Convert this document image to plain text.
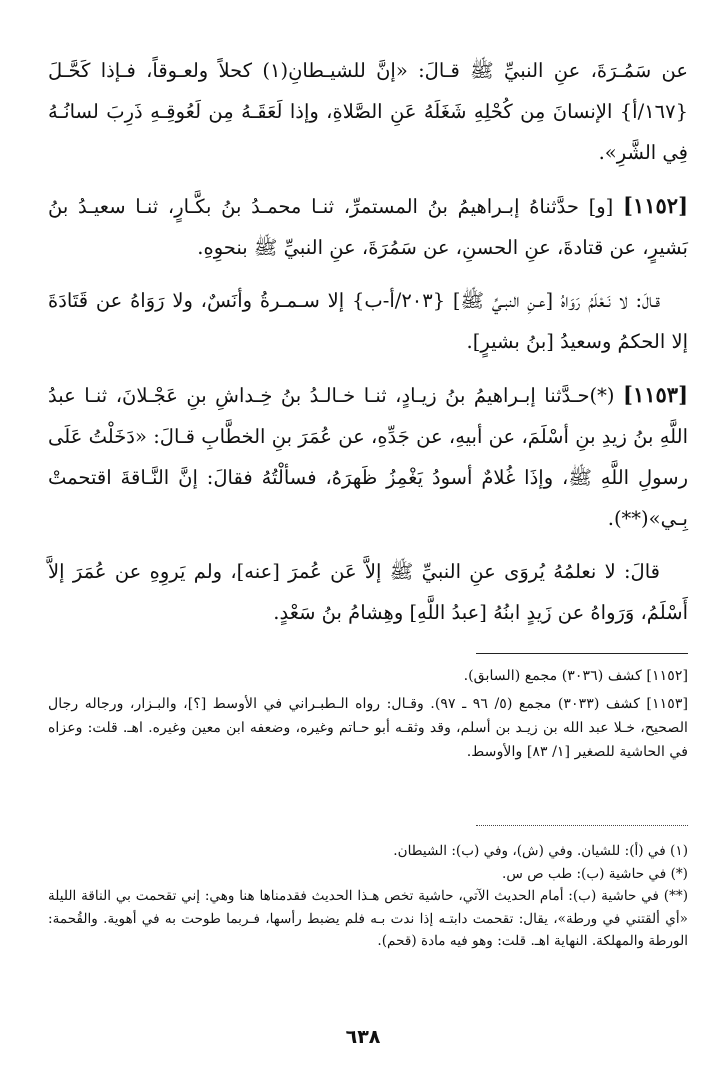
عن سَمُـرَةَ، عنِ النبيِّ ﷺ قـالَ: «إنَّ للشيـطانِ(١) كحلاً ولعـوقاً، فـإذا كَحَّـلَ {١٦٧/أ} الإنسانَ مِن كُحْلِهِ شَغَلَهُ عَنِ الصَّلاةِ، وإذا لَعَقَـهُ مِن لَعُوقِـهِ ذَرِبَ لسانُـهُ فِي الشَّرِ».

[١١٥٢] [و] حدَّثناهُ إبـراهيمُ بنُ المستمرِّ، ثنـا محمـدُ بنُ بكَّـارٍ، ثنـا سعيـدُ بنُ بَشيرٍ، عن قتادةَ، عنِ الحسنِ، عن سَمُرَةَ، عنِ النبيِّ ﷺ بنحوِهِ.

قـالَ: لا نَـعْلَمُ رَوَاهُ [عـنِ النبـيِّ ﷺ] {٢٠٣/أ-ب} إلا سـمـرةُ وأنَسٌ، ولا رَوَاهُ عن قَتَادَةَ إلا الحكمُ وسعيدُ [بنُ بشيرٍ].

[١١٥٣] (*)حـدَّثنا إبـراهيمُ بنُ زيـادٍ، ثنـا خـالـدُ بنُ خِـداشِ بنِ عَجْـلانَ، ثنـا عبدُ اللَّهِ بنُ زيدِ بنِ أسْلَمَ، عن أبيهِ، عن جَدِّهِ، عن عُمَرَ بنِ الخطَّابِ قـالَ: «دَخَلْتُ عَلَى رسولِ اللَّهِ ﷺ، وإذَا غُلامٌ أسودُ يَغْمِزُ ظَهرَهُ، فسألْتُهُ فقالَ: إنَّ النَّـاقةَ اقتحمتْ بِـي»(**).

قالَ: لا نعلمُهُ يُروَى عنِ النبيِّ ﷺ إلاَّ عَن عُمرَ [عنه]، ولم يَروِهِ عن عُمَرَ إلاَّ أَسْلَمُ، وَرَواهُ عن زَيدٍ ابنُهُ [عبدُ اللَّهِ] وهِشامُ بنُ سَعْدٍ.

[١١٥٢] كشف (٣٠٣٦) مجمع (السابق).

[١١٥٣] كشف (٣٠٣٣) مجمع (٥/ ٩٦ ـ ٩٧). وقـال: رواه الـطبـراني في الأوسط [؟]، والبـزار، ورجاله رجال الصحيح، خـلا عبد الله بن زيـد بن أسلم، وقد وثقـه أبو حـاتم وغيره، وضعفه ابن معين وغيره. اهـ. قلت: وعزاه في الحاشية للصغير [١/ ٨٣] والأوسط.

(١) في (أ): للشيان. وفي (ش)، وفي (ب): الشيطان.

(*) في حاشية (ب): طب ص س.

(**) في حاشية (ب): أمام الحديث الآتي، حاشية تخص هـذا الحديث فقدمناها هنا وهي: إني تقحمت بي الناقة الليلة «أي ألقتني في ورطة»، يقال: تقحمت دابتـه إذا ندت بـه فلم يضبط رأسها، فـربما طوحت به في أهوية. والقُحمة: الورطة والمهلكة. النهاية اهـ. قلت: وهو فيه مادة (قحم).

٦٣٨
